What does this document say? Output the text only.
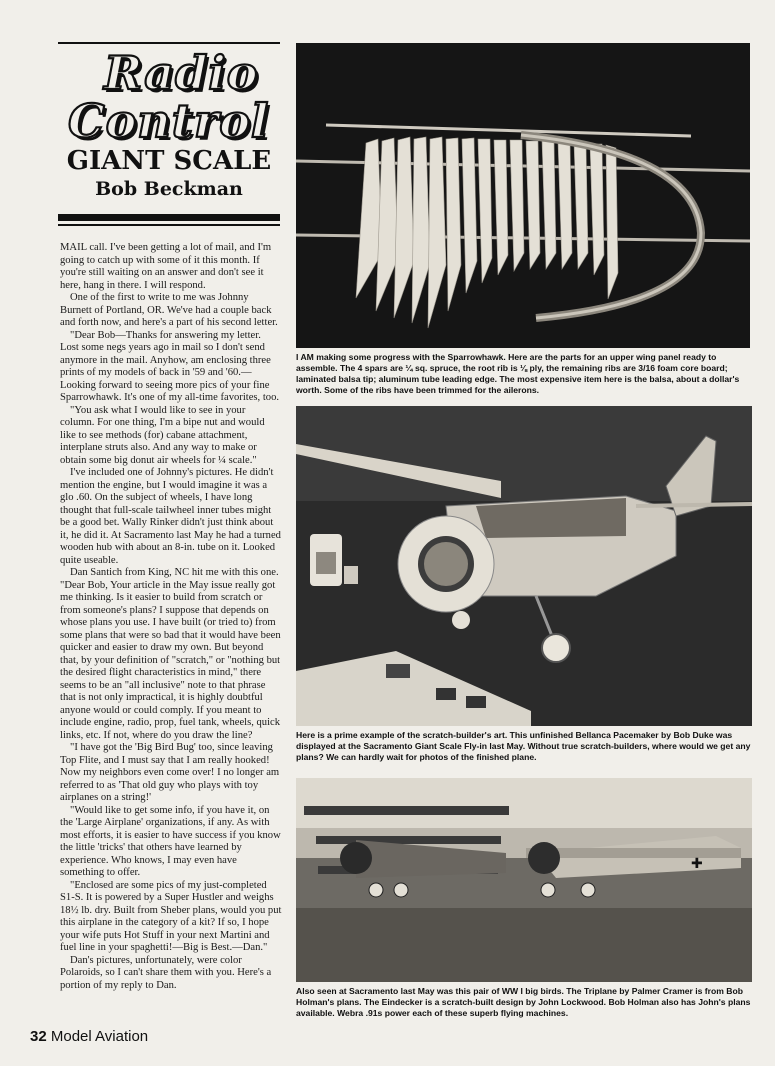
Radio
Control
GIANT SCALE
Bob Beckman

MAIL call. I've been getting a lot of mail, and I'm going to catch up with some of it this month. If you're still waiting on an answer and don't see it here, hang in there. I will respond.

One of the first to write to me was Johnny Burnett of Portland, OR. We've had a couple back and forth now, and here's a part of his second letter.

"Dear Bob—Thanks for answering my letter. Lost some negs years ago in mail so I don't send anymore in the mail. Anyhow, am enclosing three prints of my models of back in '59 and '60.—Looking forward to seeing more pics of your fine Sparrowhawk. It's one of my all-time favorites, too.

"You ask what I would like to see in your column. For one thing, I'm a bipe nut and would like to see methods (for) cabane attachment, interplane struts also. And any way to make or obtain some big donut air wheels for ¼ scale."

I've included one of Johnny's pictures. He didn't mention the engine, but I would imagine it was a glo .60. On the subject of wheels, I have long thought that full-scale tailwheel inner tubes might be a good bet. Wally Rinker didn't just think about it, he did it. At Sacramento last May he had a turned wooden hub with about an 8-in. tube on it. Looked quite useable.

Dan Santich from King, NC hit me with this one. "Dear Bob, Your article in the May issue really got me thinking. Is it easier to build from scratch or from someone's plans? I suppose that depends on whose plans you use. I have built (or tried to) from some plans that were so bad that it would have been quicker and easier to draw my own. But beyond that, by your definition of "scratch," or "nothing but the desired flight characteristics in mind," there seems to be an "all inclusive" note to that phrase that is not only impractical, it is highly doubtful anyone would or could comply. If you meant to include engine, radio, prop, fuel tank, wheels, quick links, etc. If not, where do you draw the line?

"I have got the 'Big Bird Bug' too, since leaving Top Flite, and I must say that I am really hooked! Now my neighbors even come over! I no longer am referred to as 'That old guy who plays with toy airplanes on a string!'

"Would like to get some info, if you have it, on the 'Large Airplane' organizations, if any. As with most efforts, it is easier to have success if you know the little 'tricks' that others have learned by experience. Who knows, I may even have something to offer.

"Enclosed are some pics of my just-completed S1-S. It is powered by a Super Hustler and weighs 18½ lb. dry. Built from Sheber plans, would you put this airplane in the category of a kit? If so, I hope your wife puts Hot Stuff in your next Martini and fuel line in your spaghetti!—Big is Best.—Dan."

Dan's pictures, unfortunately, were color Polaroids, so I can't share them with you. Here's a portion of my reply to Dan.

I AM making some progress with the Sparrowhawk. Here are the parts for an upper wing panel ready to assemble. The 4 spars are ¼ sq. spruce, the root rib is ⅛ ply, the remaining ribs are 3/16 foam core board; laminated balsa tip; aluminum tube leading edge. The most expensive item here is the balsa, about a dollar's worth. Some of the ribs have been trimmed for the ailerons.
Here is a prime example of the scratch-builder's art. This unfinished Bellanca Pacemaker by Bob Duke was displayed at the Sacramento Giant Scale Fly-in last May. Without true scratch-builders, where would we get any plans? We can hardly wait for photos of the finished plane.
✚
Also seen at Sacramento last May was this pair of WW I big birds. The Triplane by Palmer Cramer is from Bob Holman's plans. The Eindecker is a scratch-built design by John Lockwood. Bob Holman also has John's plans available. Webra .91s power each of these superb flying machines.
32 Model Aviation
